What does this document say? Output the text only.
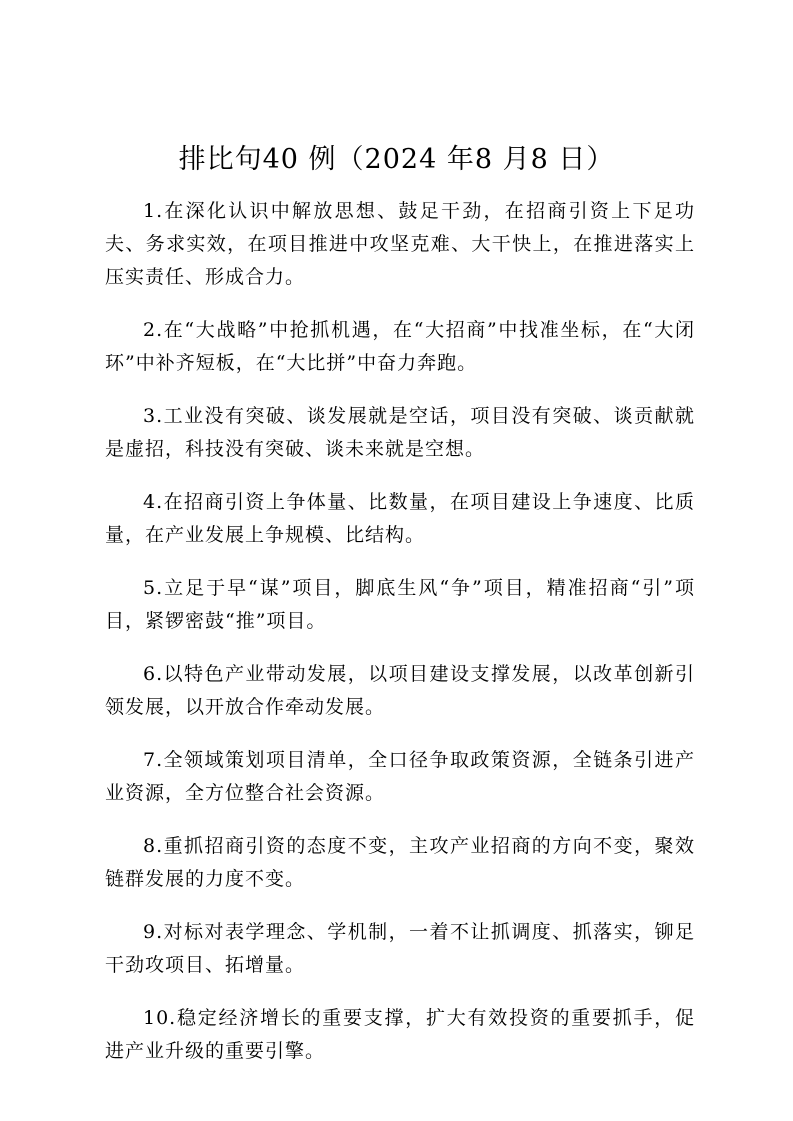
排比句40 例（2024 年8 月8 日）

1.在深化认识中解放思想、鼓足干劲，在招商引资上下足功夫、务求实效，在项目推进中攻坚克难、大干快上，在推进落实上压实责任、形成合力。

2.在“大战略”中抢抓机遇，在“大招商”中找准坐标，在“大闭环”中补齐短板，在“大比拼”中奋力奔跑。

3.工业没有突破、谈发展就是空话，项目没有突破、谈贡献就是虚招，科技没有突破、谈未来就是空想。

4.在招商引资上争体量、比数量，在项目建设上争速度、比质量，在产业发展上争规模、比结构。

5.立足于早“谋”项目，脚底生风“争”项目，精准招商“引”项目，紧锣密鼓“推”项目。

6.以特色产业带动发展，以项目建设支撑发展，以改革创新引领发展，以开放合作牵动发展。

7.全领域策划项目清单，全口径争取政策资源，全链条引进产业资源，全方位整合社会资源。

8.重抓招商引资的态度不变，主攻产业招商的方向不变，聚效链群发展的力度不变。

9.对标对表学理念、学机制，一着不让抓调度、抓落实，铆足干劲攻项目、拓增量。

10.稳定经济增长的重要支撑，扩大有效投资的重要抓手，促进产业升级的重要引擎。
